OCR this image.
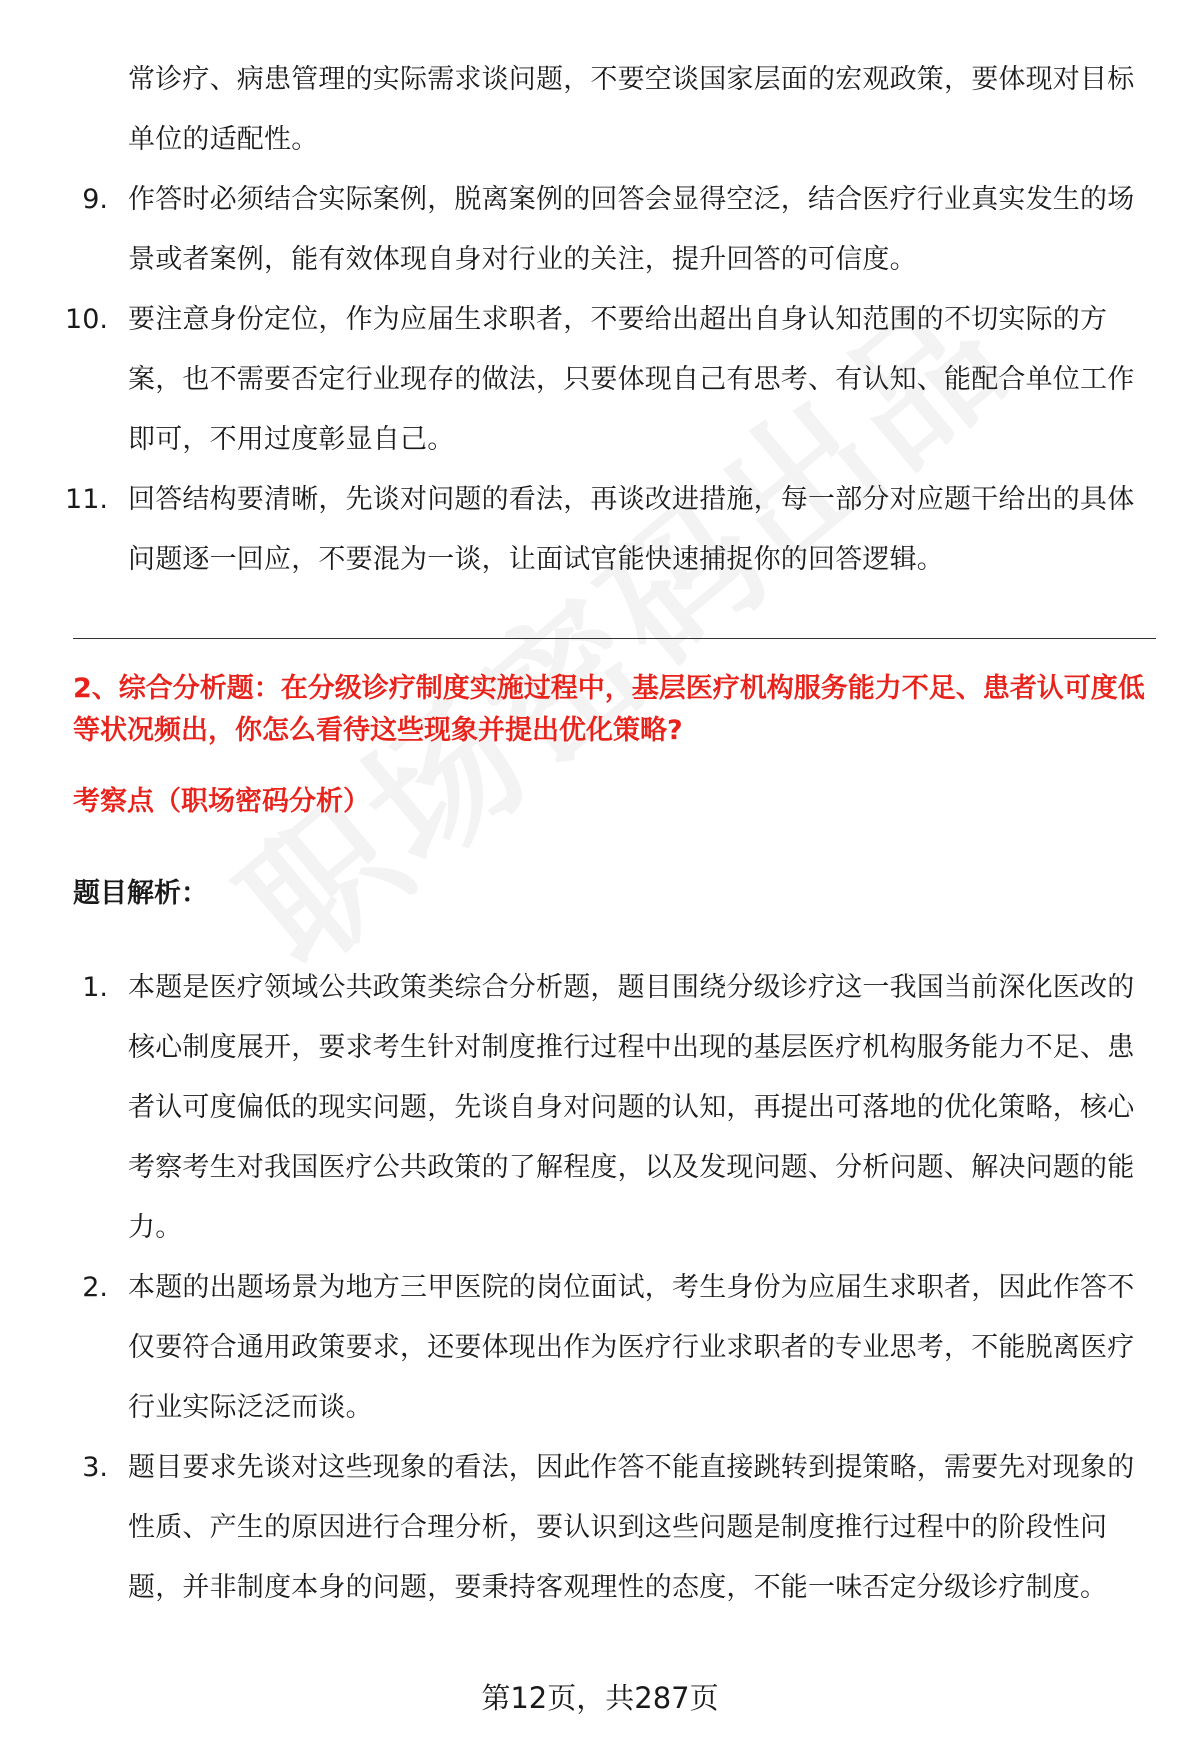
常诊疗、病患管理的实际需求谈问题，不要空谈国家层面的宏观政策，要体现对目标单位的适配性。
9. 作答时必须结合实际案例，脱离案例的回答会显得空泛，结合医疗行业真实发生的场景或者案例，能有效体现自身对行业的关注，提升回答的可信度。
10. 要注意身份定位，作为应届生求职者，不要给出超出自身认知范围的不切实际的方案，也不需要否定行业现存的做法，只要体现自己有思考、有认知、能配合单位工作即可，不用过度彰显自己。
11. 回答结构要清晰，先谈对问题的看法，再谈改进措施，每一部分对应题干给出的具体问题逐一回应，不要混为一谈，让面试官能快速捕捉你的回答逻辑。
2、综合分析题：在分级诊疗制度实施过程中，基层医疗机构服务能力不足、患者认可度低等状况频出，你怎么看待这些现象并提出优化策略?
考察点（职场密码分析）
题目解析：
1. 本题是医疗领域公共政策类综合分析题，题目围绕分级诊疗这一我国当前深化医改的核心制度展开，要求考生针对制度推行过程中出现的基层医疗机构服务能力不足、患者认可度偏低的现实问题，先谈自身对问题的认知，再提出可落地的优化策略，核心考察考生对我国医疗公共政策的了解程度，以及发现问题、分析问题、解决问题的能力。
2. 本题的出题场景为地方三甲医院的岗位面试，考生身份为应届生求职者，因此作答不仅要符合通用政策要求，还要体现出作为医疗行业求职者的专业思考，不能脱离医疗行业实际泛泛而谈。
3. 题目要求先谈对这些现象的看法，因此作答不能直接跳转到提策略，需要先对现象的性质、产生的原因进行合理分析，要认识到这些问题是制度推行过程中的阶段性问题，并非制度本身的问题，要秉持客观理性的态度，不能一味否定分级诊疗制度。
第12页，共287页
